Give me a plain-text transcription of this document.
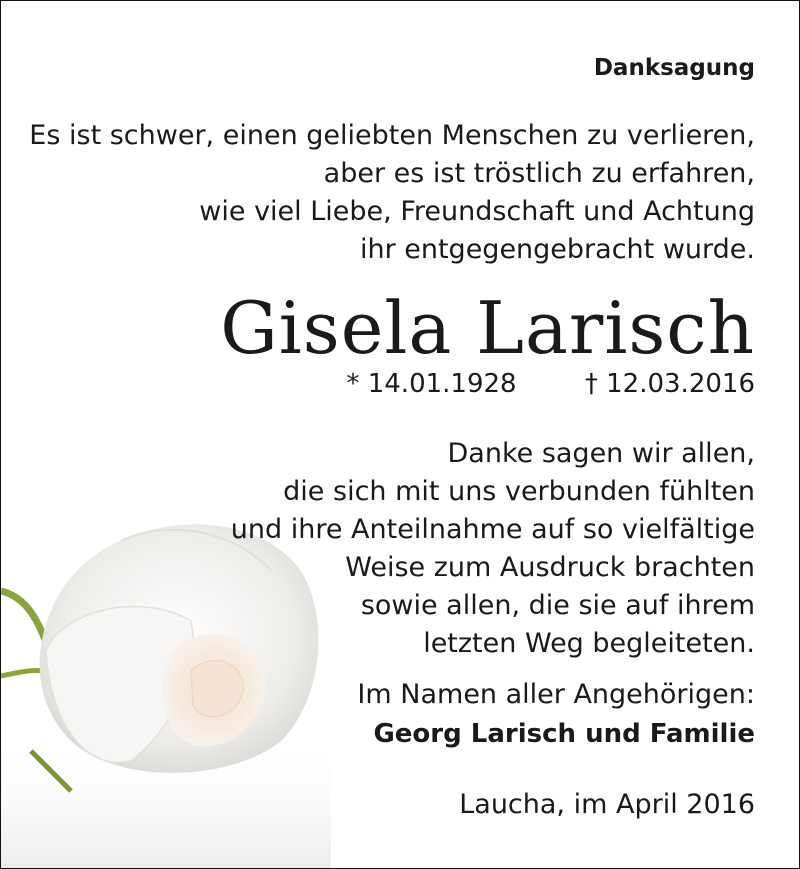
Danksagung
Es ist schwer, einen geliebten Menschen zu verlieren,
aber es ist tröstlich zu erfahren,
wie viel Liebe, Freundschaft und Achtung
ihr entgegengebracht wurde.
Gisela Larisch
* 14.01.1928	† 12.03.2016
Danke sagen wir allen,
die sich mit uns verbunden fühlten
und ihre Anteilnahme auf so vielfältige
Weise zum Ausdruck brachten
sowie allen, die sie auf ihrem
letzten Weg begleiteten.
Im Namen aller Angehörigen:
Georg Larisch und Familie
Laucha, im April 2016
